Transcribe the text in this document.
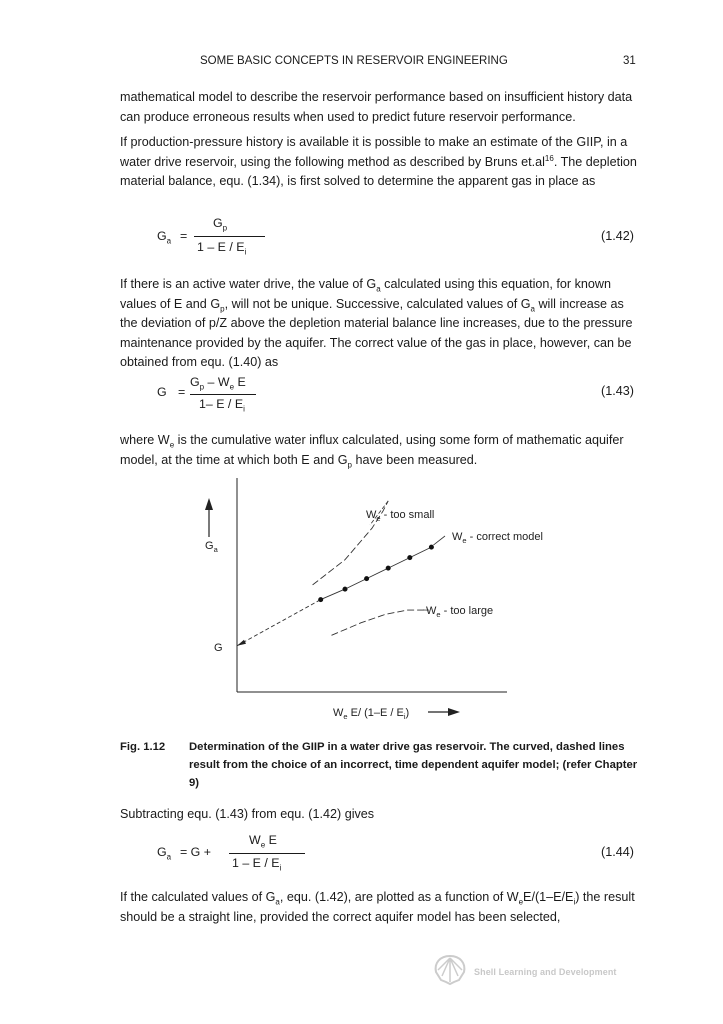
SOME BASIC CONCEPTS IN RESERVOIR ENGINEERING	31
mathematical model to describe the reservoir performance based on insufficient history data can produce erroneous results when used to predict future reservoir performance.
If production-pressure history is available it is possible to make an estimate of the GIIP, in a water drive reservoir, using the following method as described by Bruns $et.al^{16}$. The depletion material balance, equ. (1.34), is first solved to determine the apparent gas in place as
$G_a$ =
$G_p$
1 – E / $E_i$
(1.42)
If there is an active water drive, the value of $G_a$ calculated using this equation, for known values of E and $G_p$, will not be unique. Successive, calculated values of $G_a$ will increase as the deviation of p/Z above the depletion material balance line increases, due to the pressure maintenance provided by the aquifer. The correct value of the gas in place, however, can be obtained from equ. (1.40) as
G =
$G_p - W_e$ E
1– E / $E_i$
(1.43)
where $W_e$ is the cumulative water influx calculated, using some form of mathematic aquifer model, at the time at which both E and $G_p$ have been measured.
$G_a$
G
$W_e$ - too small
$W_e$ - correct model
$W_e$ - too large
$W_e$ E/ $(1-E / E_i)$
Fig. 1.12 Determination of the GIIP in a water drive gas reservoir. The curved, dashed lines result from the choice of an incorrect, time dependent aquifer model; (refer Chapter 9)
Subtracting equ. (1.43) from equ. (1.42) gives
$G_a = G$ +
$W_e$ E
1 – E / $E_i$
(1.44)
If the calculated values of $G_a$, equ. (1.42), are plotted as a function of $W_eE/(1-E/E_i)$ the result should be a straight line, provided the correct aquifer model has been selected,
Shell Learning and Development
